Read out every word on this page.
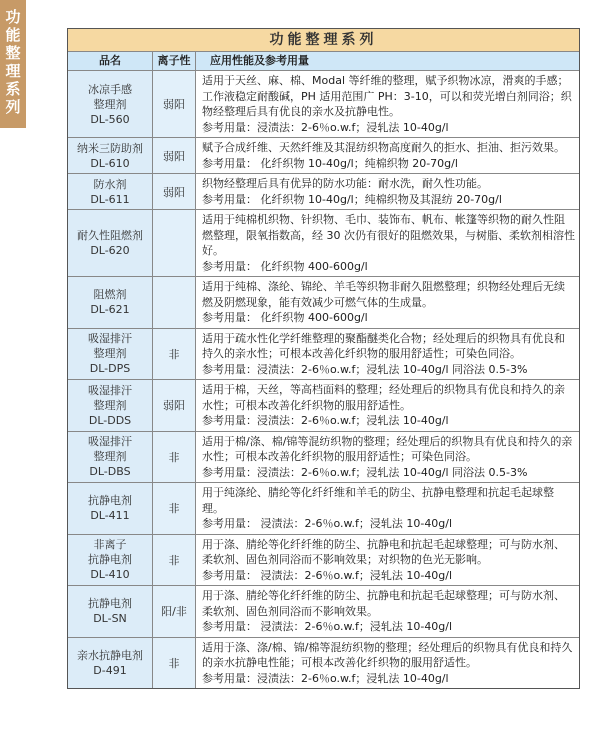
功
能
整
理
系
列
功能整理系列
品名	离子性	应用性能及参考用量
冰凉手感
整理剂
DL-560
弱阳
适用于天丝、麻、棉、Modal 等纤维的整理，赋予织物冰凉，滑爽的手感；工作液稳定耐酸碱，PH 适用范围广 PH：3-10，可以和荧光增白剂同浴；织物经整理后具有优良的亲水及抗静电性。
参考用量：浸渍法：2-6％o.w.f；浸轧法 10-40g/l
纳米三防助剂
DL-610
弱阳
赋予合成纤维、天然纤维及其混纺织物高度耐久的拒水、拒油、拒污效果。
参考用量： 化纤织物 10-40g/l；纯棉织物 20-70g/l
防水剂
DL-611
弱阳
织物经整理后具有优异的防水功能：耐水洗，耐久性功能。
参考用量： 化纤织物 10-40g/l；纯棉织物及其混纺 20-70g/l
耐久性阻燃剂
DL-620
适用于纯棉机织物、针织物、毛巾、装饰布、帆布、帐篷等织物的耐久性阻燃整理，限氧指数高，经 30 次仍有很好的阻燃效果，与树脂、柔软剂相溶性好。
参考用量： 化纤织物 400-600g/l
阻燃剂
DL-621
适用于纯棉、涤纶、锦纶、羊毛等织物非耐久阻燃整理；织物经处理后无续燃及阴燃现象，能有效减少可燃气体的生成量。
参考用量： 化纤织物 400-600g/l
吸湿排汗
整理剂
DL-DPS
非
适用于疏水性化学纤维整理的聚酯醚类化合物；经处理后的织物具有优良和持久的亲水性；可根本改善化纤织物的服用舒适性；可染色同浴。
参考用量：浸渍法：2-6％o.w.f；浸轧法 10-40g/l 同浴法 0.5-3%
吸湿排汗
整理剂
DL-DDS
弱阳
适用于棉，天丝，等高档面料的整理；经处理后的织物具有优良和持久的亲水性；可根本改善化纤织物的服用舒适性。
参考用量：浸渍法：2-6％o.w.f；浸轧法 10-40g/l
吸湿排汗
整理剂
DL-DBS
非
适用于棉/涤、棉/锦等混纺织物的整理；经处理后的织物具有优良和持久的亲水性；可根本改善化纤织物的服用舒适性；可染色同浴。
参考用量：浸渍法：2-6％o.w.f；浸轧法 10-40g/l 同浴法 0.5-3%
抗静电剂
DL-411
非
用于纯涤纶、腈纶等化纤纤维和羊毛的防尘、抗静电整理和抗起毛起球整理。
参考用量： 浸渍法：2-6％o.w.f；浸轧法 10-40g/l
非离子
抗静电剂
DL-410
非
用于涤、腈纶等化纤纤维的防尘、抗静电和抗起毛起球整理；可与防水剂、柔软剂、固色剂同浴而不影响效果；对织物的色光无影响。
参考用量： 浸渍法：2-6％o.w.f；浸轧法 10-40g/l
抗静电剂
DL-SN
阳/非
用于涤、腈纶等化纤纤维的防尘、抗静电和抗起毛起球整理；可与防水剂、柔软剂、固色剂同浴而不影响效果。
参考用量： 浸渍法：2-6％o.w.f；浸轧法 10-40g/l
亲水抗静电剂
D-491
非
适用于涤、涤/棉、锦/棉等混纺织物的整理；经处理后的织物具有优良和持久的亲水抗静电性能；可根本改善化纤织物的服用舒适性。
参考用量：浸渍法：2-6％o.w.f；浸轧法 10-40g/l
